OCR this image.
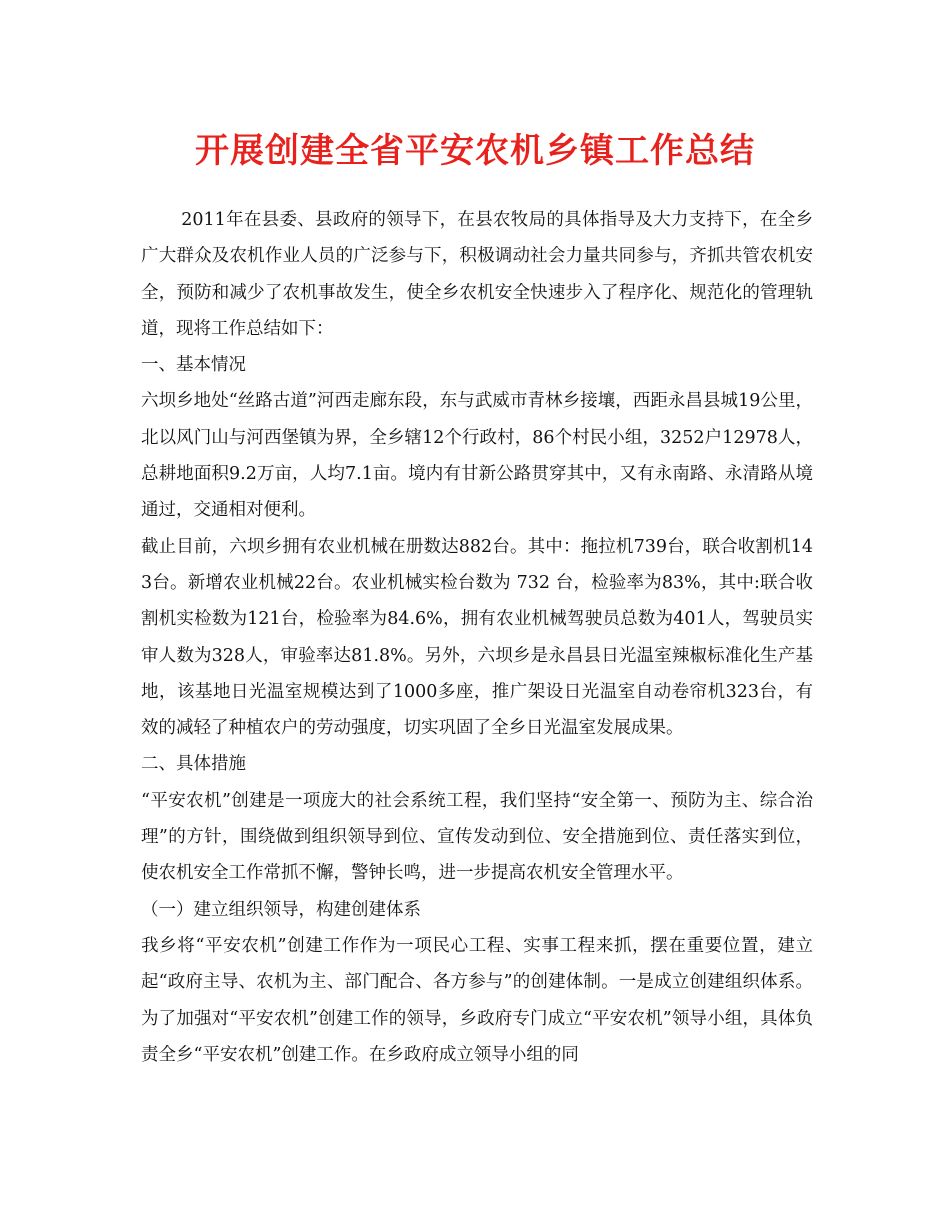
开展创建全省平安农机乡镇工作总结

2011年在县委、县政府的领导下，在县农牧局的具体指导及大力支持下，在全乡广大群众及农机作业人员的广泛参与下，积极调动社会力量共同参与，齐抓共管农机安全，预防和减少了农机事故发生，使全乡农机安全快速步入了程序化、规范化的管理轨道，现将工作总结如下：

一、基本情况

六坝乡地处“丝路古道”河西走廊东段，东与武威市青林乡接壤，西距永昌县城19公里，北以风门山与河西堡镇为界，全乡辖12个行政村，86个村民小组，3252户12978人，总耕地面积9.2万亩，人均7.1亩。境内有甘新公路贯穿其中，又有永南路、永清路从境通过，交通相对便利。

截止目前，六坝乡拥有农业机械在册数达882台。其中：拖拉机739台，联合收割机143台。新增农业机械22台。农业机械实检台数为 732 台，检验率为83%，其中:联合收割机实检数为121台，检验率为84.6%，拥有农业机械驾驶员总数为401人，驾驶员实审人数为328人，审验率达81.8%。另外，六坝乡是永昌县日光温室辣椒标准化生产基地，该基地日光温室规模达到了1000多座，推广架设日光温室自动卷帘机323台，有效的减轻了种植农户的劳动强度，切实巩固了全乡日光温室发展成果。

二、具体措施

“平安农机”创建是一项庞大的社会系统工程，我们坚持“安全第一、预防为主、综合治理”的方针，围绕做到组织领导到位、宣传发动到位、安全措施到位、责任落实到位，使农机安全工作常抓不懈，警钟长鸣，进一步提高农机安全管理水平。

（一）建立组织领导，构建创建体系

我乡将“平安农机”创建工作作为一项民心工程、实事工程来抓，摆在重要位置，建立起“政府主导、农机为主、部门配合、各方参与”的创建体制。一是成立创建组织体系。为了加强对“平安农机”创建工作的领导，乡政府专门成立“平安农机”领导小组，具体负责全乡“平安农机”创建工作。在乡政府成立领导小组的同
